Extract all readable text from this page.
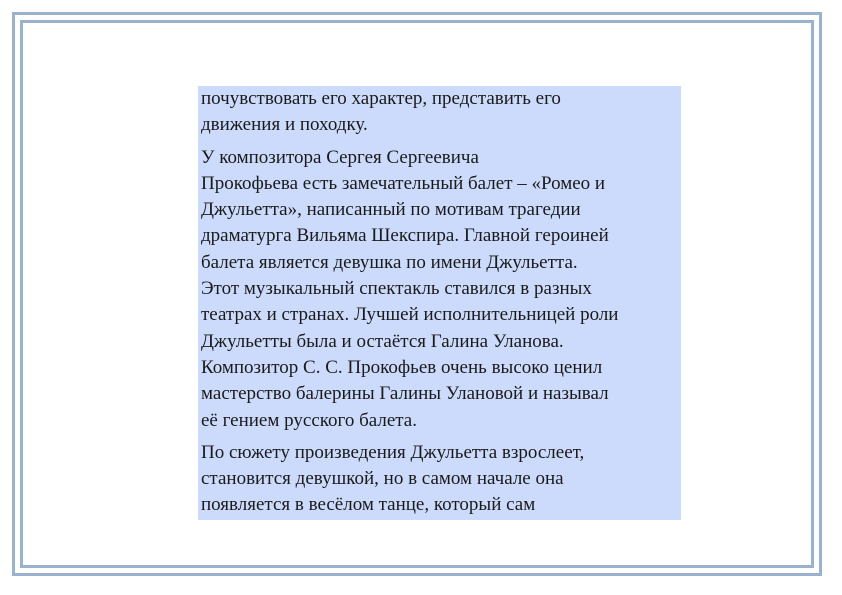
почувствовать его характер, представить его
движения и походку.

У композитора Сергея Сергеевича
Прокофьева есть замечательный балет – «Ромео и
Джульетта», написанный по мотивам трагедии
драматурга Вильяма Шекспира. Главной героиней
балета является девушка по имени Джульетта.
Этот музыкальный спектакль ставился в разных
театрах и странах. Лучшей исполнительницей роли
Джульетты была и остаётся Галина Уланова.
Композитор С. С. Прокофьев очень высоко ценил
мастерство балерины Галины Улановой и называл
её гением русского балета.

По сюжету произведения Джульетта взрослеет,
становится девушкой, но в самом начале она
появляется в весёлом танце, который сам
